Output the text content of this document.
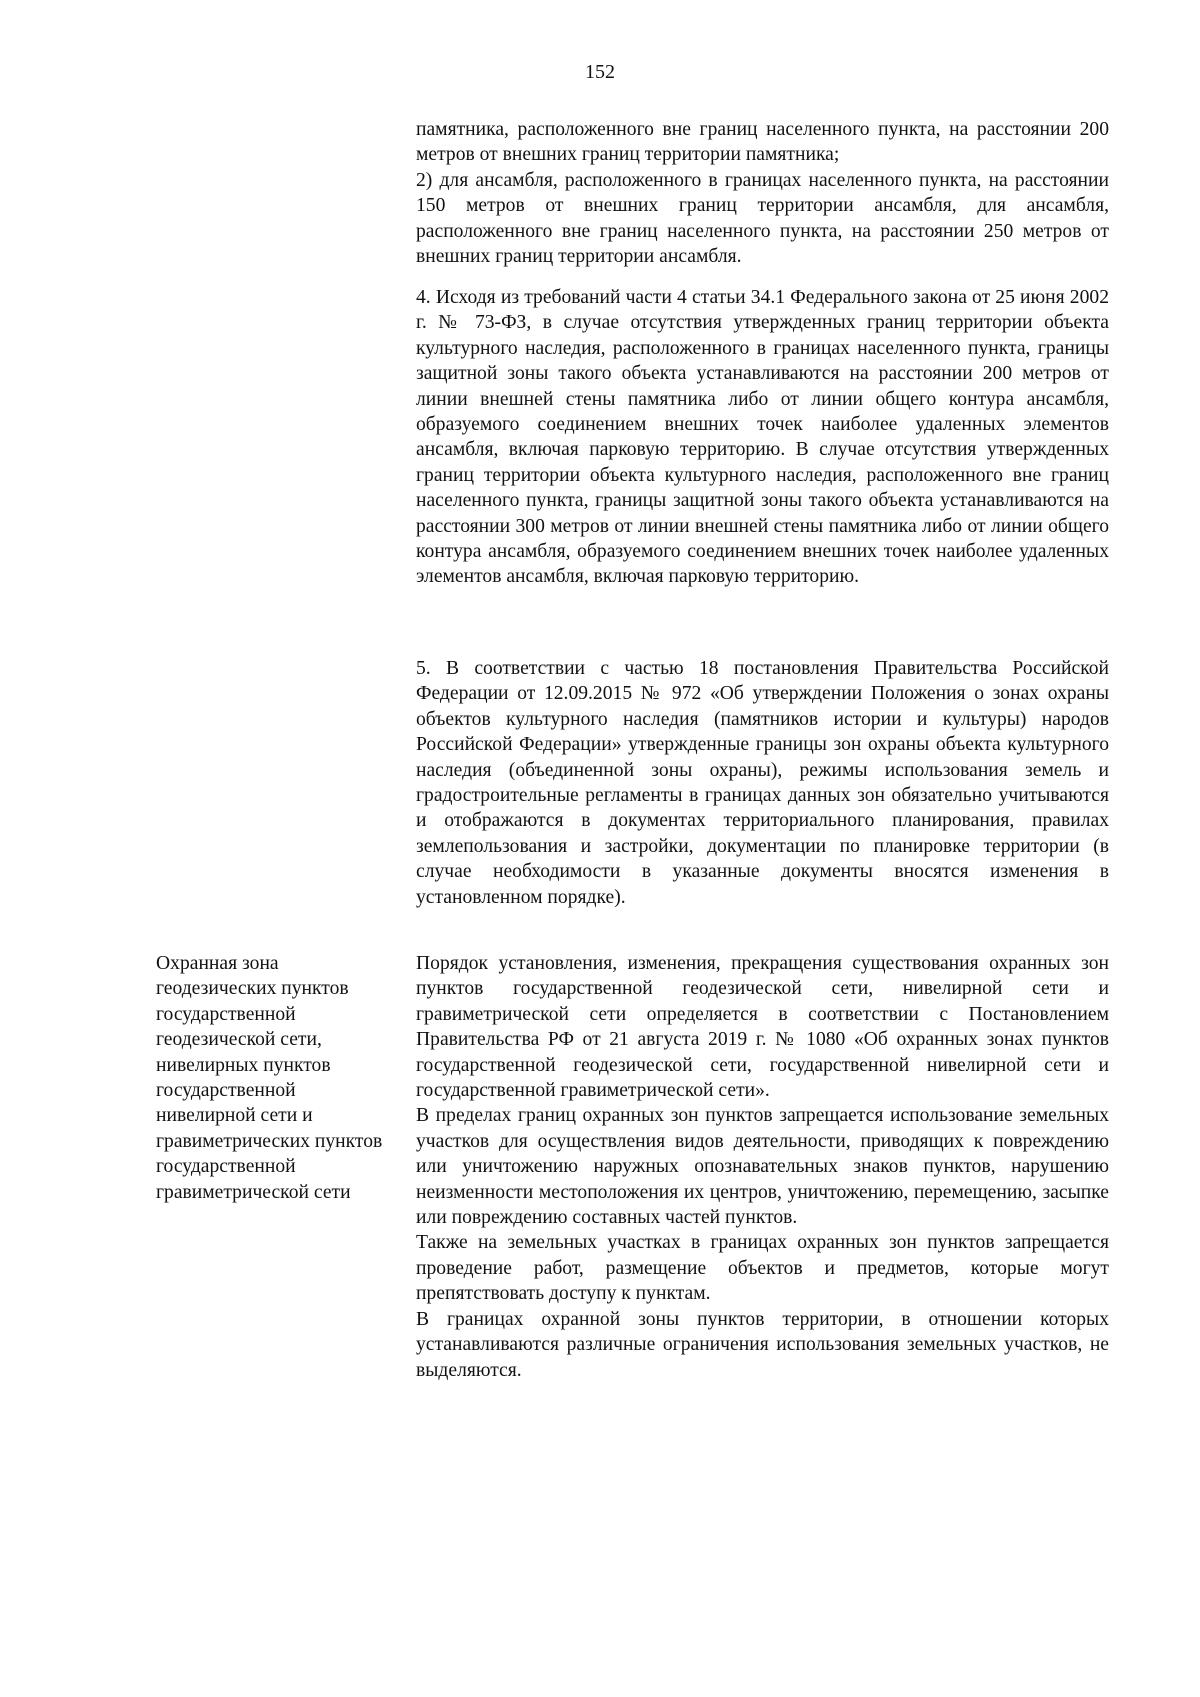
152

памятника, расположенного вне границ населенного пункта, на расстоянии 200 метров от внешних границ территории памятника;

2) для ансамбля, расположенного в границах населенного пункта, на расстоянии 150 метров от внешних границ территории ансамбля, для ансамбля, расположенного вне границ населенного пункта, на расстоянии 250 метров от внешних границ территории ансамбля.

4. Исходя из требований части 4 статьи 34.1 Федерального закона от 25 июня 2002 г. № 73-ФЗ, в случае отсутствия утвержденных границ территории объекта культурного наследия, расположенного в границах населенного пункта, границы защитной зоны такого объекта устанавливаются на расстоянии 200 метров от линии внешней стены памятника либо от линии общего контура ансамбля, образуемого соединением внешних точек наиболее удаленных элементов ансамбля, включая парковую территорию. В случае отсутствия утвержденных границ территории объекта культурного наследия, расположенного вне границ населенного пункта, границы защитной зоны такого объекта устанавливаются на расстоянии 300 метров от линии внешней стены памятника либо от линии общего контура ансамбля, образуемого соединением внешних точек наиболее удаленных элементов ансамбля, включая парковую территорию.

5. В соответствии с частью 18 постановления Правительства Российской Федерации от 12.09.2015 № 972 «Об утверждении Положения о зонах охраны объектов культурного наследия (памятников истории и культуры) народов Российской Федерации» утвержденные границы зон охраны объекта культурного наследия (объединенной зоны охраны), режимы использования земель и градостроительные регламенты в границах данных зон обязательно учитываются и отображаются в документах территориального планирования, правилах землепользования и застройки, документации по планировке территории (в случае необходимости в указанные документы вносятся изменения в установленном порядке).

Охранная зона геодезических пунктов государственной геодезической сети, нивелирных пунктов государственной нивелирной сети и гравиметрических пунктов государственной гравиметрической сети

Порядок установления, изменения, прекращения существования охранных зон пунктов государственной геодезической сети, нивелирной сети и гравиметрической сети определяется в соответствии с Постановлением Правительства РФ от 21 августа 2019 г. № 1080 «Об охранных зонах пунктов государственной геодезической сети, государственной нивелирной сети и государственной гравиметрической сети».

В пределах границ охранных зон пунктов запрещается использование земельных участков для осуществления видов деятельности, приводящих к повреждению или уничтожению наружных опознавательных знаков пунктов, нарушению неизменности местоположения их центров, уничтожению, перемещению, засыпке или повреждению составных частей пунктов.

Также на земельных участках в границах охранных зон пунктов запрещается проведение работ, размещение объектов и предметов, которые могут препятствовать доступу к пунктам.

В границах охранной зоны пунктов территории, в отношении которых устанавливаются различные ограничения использования земельных участков, не выделяются.
